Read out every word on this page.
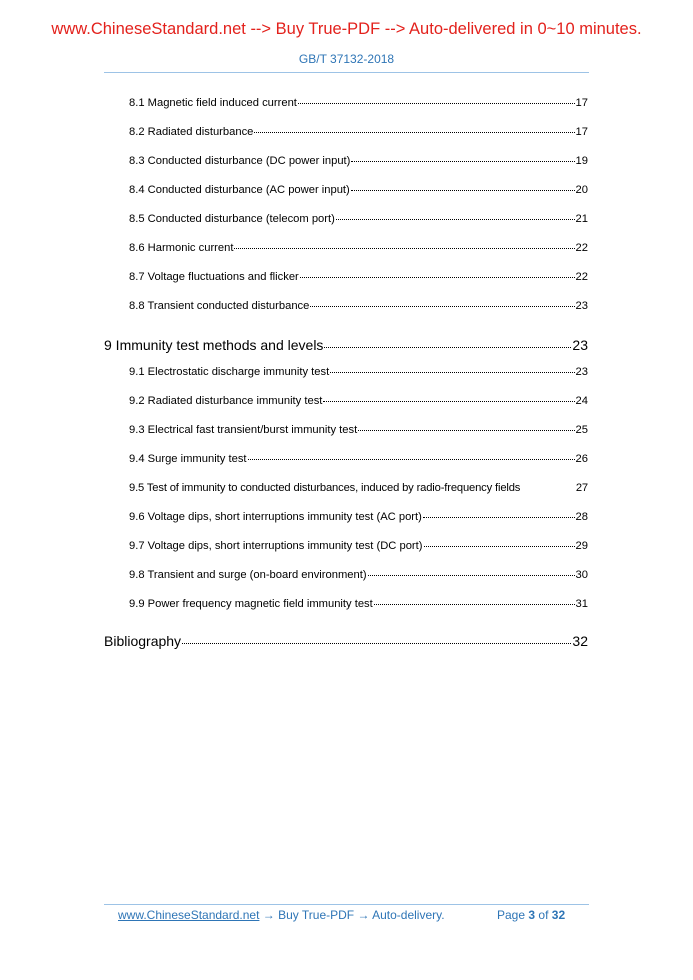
www.ChineseStandard.net --> Buy True-PDF --> Auto-delivered in 0~10 minutes.
GB/T 37132-2018
8.1 Magnetic field induced current	17
8.2 Radiated disturbance	17
8.3 Conducted disturbance (DC power input)	19
8.4 Conducted disturbance (AC power input)	20
8.5 Conducted disturbance (telecom port)	21
8.6 Harmonic current	22
8.7 Voltage fluctuations and flicker	22
8.8 Transient conducted disturbance	23
9 Immunity test methods and levels	23
9.1 Electrostatic discharge immunity test	23
9.2 Radiated disturbance immunity test	24
9.3 Electrical fast transient/burst immunity test	25
9.4 Surge immunity test	26
9.5 Test of immunity to conducted disturbances, induced by radio-frequency fields	27
9.6 Voltage dips, short interruptions immunity test (AC port)	28
9.7 Voltage dips, short interruptions immunity test (DC port)	29
9.8 Transient and surge (on-board environment)	30
9.9 Power frequency magnetic field immunity test	31
Bibliography	32
www.ChineseStandard.net → Buy True-PDF → Auto-delivery.	Page 3 of 32
